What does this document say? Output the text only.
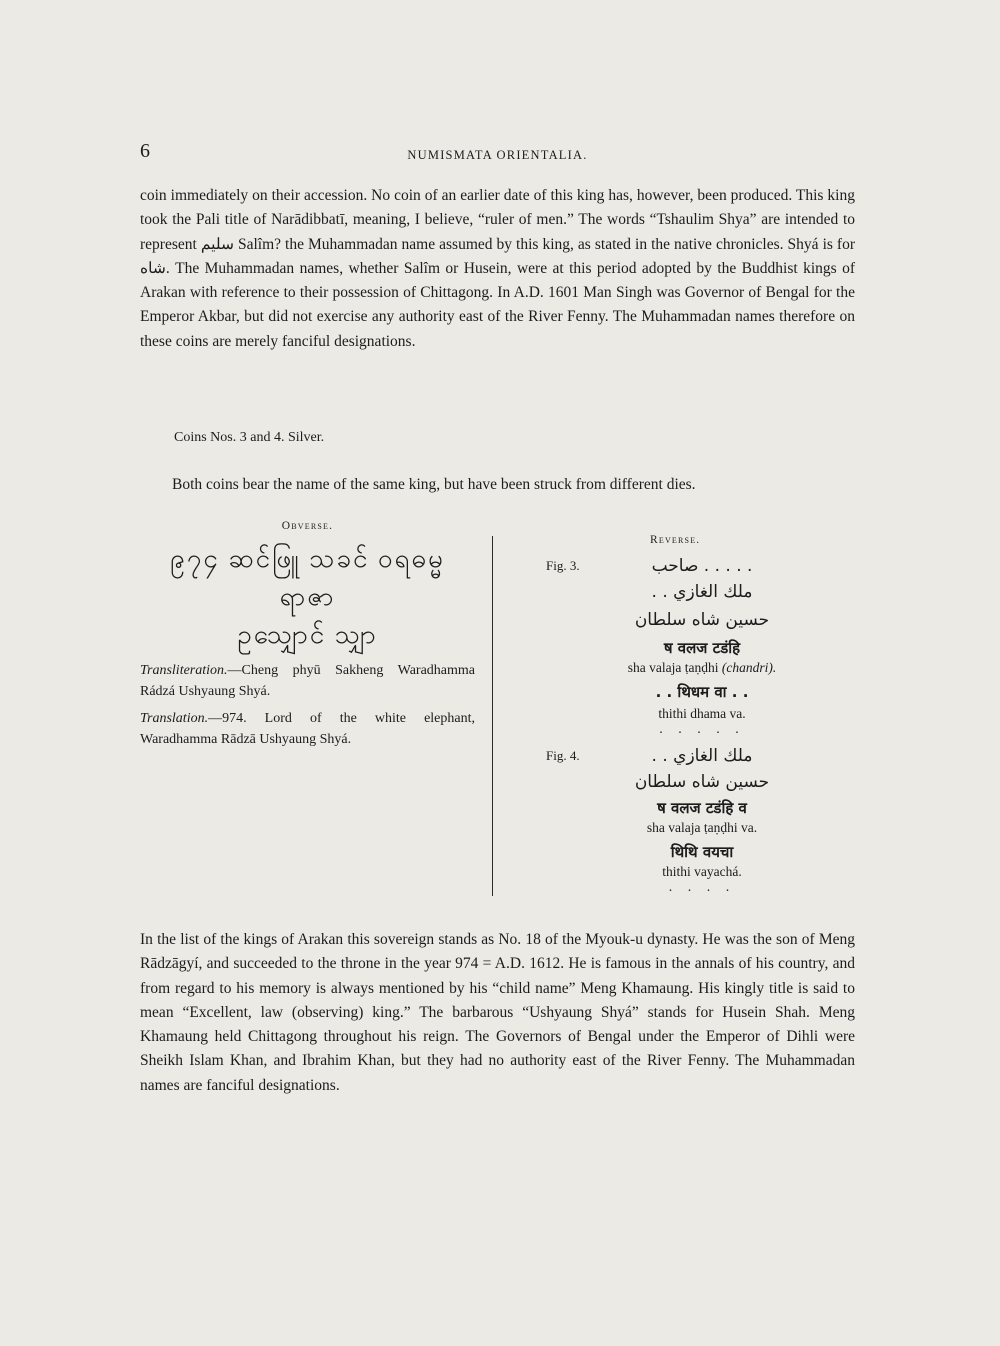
6	NUMISMATA ORIENTALIA.

coin immediately on their accession. No coin of an earlier date of this king has, however, been produced. This king took the Pali title of Narādibbatī, meaning, I believe, “ruler of men.” The words “Tshaulim Shya” are intended to represent سليم Salîm? the Muhammadan name assumed by this king, as stated in the native chronicles. Shyá is for شاه. The Muhammadan names, whether Salîm or Husein, were at this period adopted by the Buddhist kings of Arakan with reference to their possession of Chittagong. In A.D. 1601 Man Singh was Governor of Bengal for the Emperor Akbar, but did not exercise any authority east of the River Fenny. The Muhammadan names therefore on these coins are merely fanciful designations.

Coins Nos. 3 and 4. Silver.

Both coins bear the name of the same king, but have been struck from different dies.

Obverse.

၉၇၄ ဆင်ဖြူ သခင် ဝရဓမ္မ ရာဇာ

ဥသျှောင် သျှာ

Transliteration.—Cheng phyū Sakheng Waradhamma Rádzá Ushyaung Shyá.

Translation.—974. Lord of the white elephant, Waradhamma Rādzā Ushyaung Shyá.

Reverse.
Fig. 3.	. . . . . صاحب
ملك الغازي . .
حسين شاه سلطان
ष वलज टडंहि
sha valaja ṭaṇḍhi (chandri).
. . थिधम वा . .
thithi dhama va.
. . . . .
Fig. 4.	ملك الغازي . .
حسين شاه سلطان
ष वलज टडंहि व
sha valaja ṭaṇḍhi va.
थिथि वयचा
thithi vayachá.
. . . .

In the list of the kings of Arakan this sovereign stands as No. 18 of the Myouk-u dynasty. He was the son of Meng Rādzāgyí, and succeeded to the throne in the year 974 = A.D. 1612. He is famous in the annals of his country, and from regard to his memory is always mentioned by his “child name” Meng Khamaung. His kingly title is said to mean “Excellent, law (observing) king.” The barbarous “Ushyaung Shyá” stands for Husein Shah. Meng Khamaung held Chittagong throughout his reign. The Governors of Bengal under the Emperor of Dihli were Sheikh Islam Khan, and Ibrahim Khan, but they had no authority east of the River Fenny. The Muhammadan names are fanciful designations.
